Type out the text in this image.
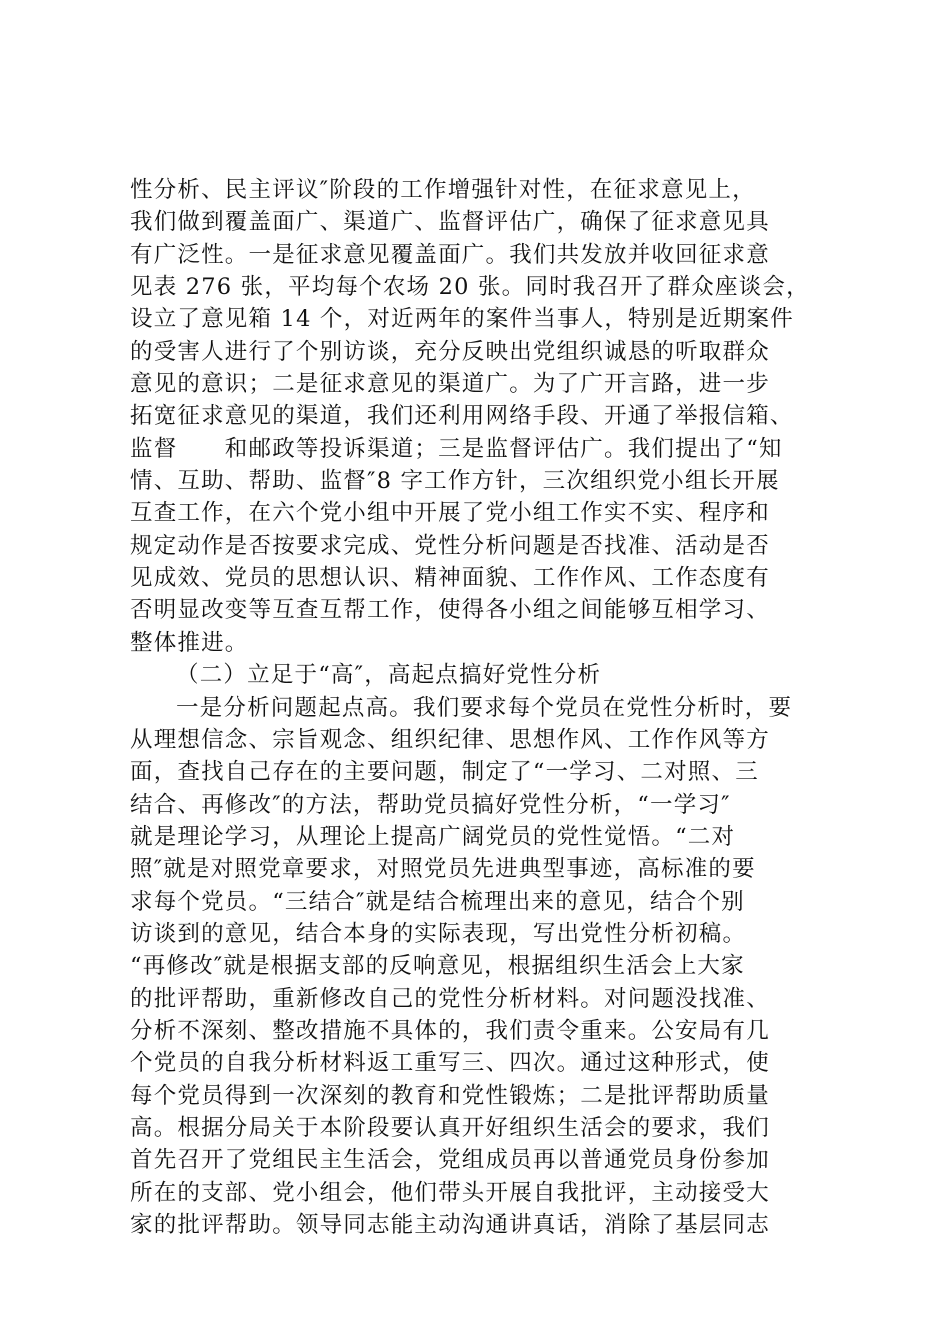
性分析、民主评议″阶段的工作增强针对性，在征求意见上，
我们做到覆盖面广、渠道广、监督评估广，确保了征求意见具
有广泛性。一是征求意见覆盖面广。我们共发放并收回征求意
见表 276 张，平均每个农场 20 张。同时我召开了群众座谈会，
设立了意见箱 14 个，对近两年的案件当事人，特别是近期案件
的受害人进行了个别访谈，充分反映出党组织诚恳的听取群众
意见的意识；二是征求意见的渠道广。为了广开言路，进一步
拓宽征求意见的渠道，我们还利用网络手段、开通了举报信箱、
监督　　和邮政等投诉渠道；三是监督评估广。我们提出了“知
情、互助、帮助、监督″8 字工作方针，三次组织党小组长开展
互查工作，在六个党小组中开展了党小组工作实不实、程序和
规定动作是否按要求完成、党性分析问题是否找准、活动是否
见成效、党员的思想认识、精神面貌、工作作风、工作态度有
否明显改变等互查互帮工作，使得各小组之间能够互相学习、
整体推进。
（二）立足于“高″，高起点搞好党性分析
一是分析问题起点高。我们要求每个党员在党性分析时，要
从理想信念、宗旨观念、组织纪律、思想作风、工作作风等方
面，查找自己存在的主要问题，制定了“一学习、二对照、三
结合、再修改″的方法，帮助党员搞好党性分析，“一学习″
就是理论学习，从理论上提高广阔党员的党性觉悟。“二对
照″就是对照党章要求，对照党员先进典型事迹，高标准的要
求每个党员。“三结合″就是结合梳理出来的意见，结合个别
访谈到的意见，结合本身的实际表现，写出党性分析初稿。
“再修改″就是根据支部的反响意见，根据组织生活会上大家
的批评帮助，重新修改自己的党性分析材料。对问题没找准、
分析不深刻、整改措施不具体的，我们责令重来。公安局有几
个党员的自我分析材料返工重写三、四次。通过这种形式，使
每个党员得到一次深刻的教育和党性锻炼；二是批评帮助质量
高。根据分局关于本阶段要认真开好组织生活会的要求，我们
首先召开了党组民主生活会，党组成员再以普通党员身份参加
所在的支部、党小组会，他们带头开展自我批评，主动接受大
家的批评帮助。领导同志能主动沟通讲真话，消除了基层同志
